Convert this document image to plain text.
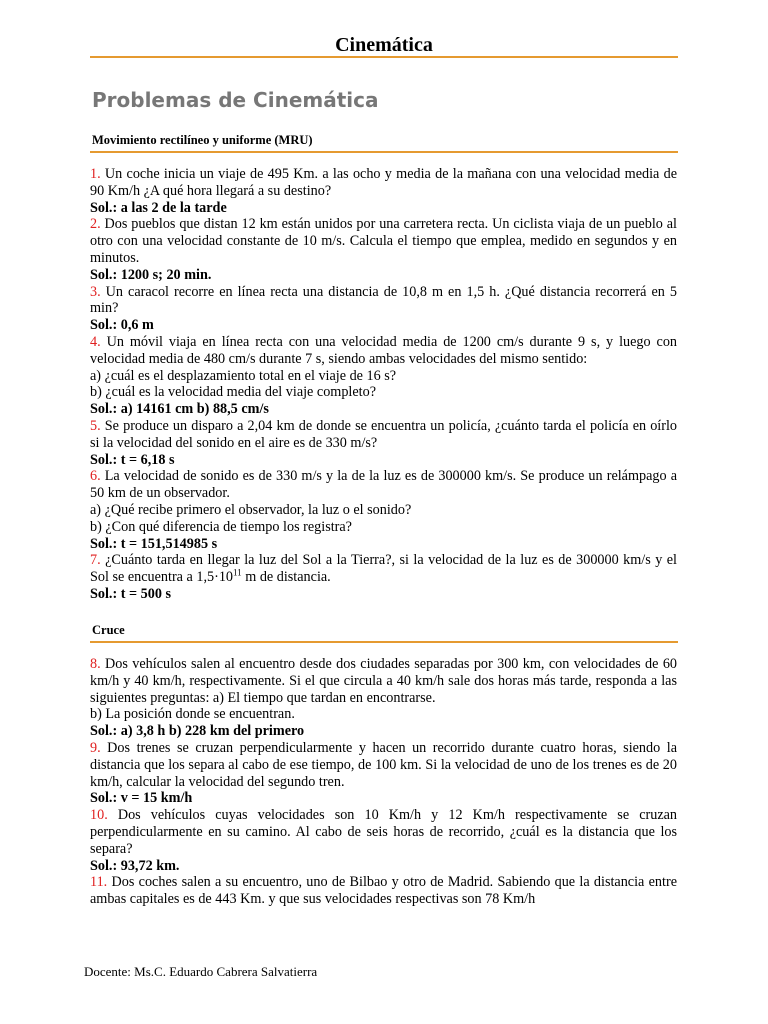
Cinemática
Problemas de Cinemática
Movimiento rectilíneo y uniforme (MRU)

1. Un coche inicia un viaje de 495 Km. a las ocho y media de la mañana con una velocidad media de 90 Km/h ¿A qué hora llegará a su destino?

Sol.: a las 2 de la tarde

2. Dos pueblos que distan 12 km están unidos por una carretera recta. Un ciclista viaja de un pueblo al otro con una velocidad constante de 10 m/s. Calcula el tiempo que emplea, medido en segundos y en minutos.

Sol.: 1200 s; 20 min.

3. Un caracol recorre en línea recta una distancia de 10,8 m en 1,5 h. ¿Qué distancia recorrerá en 5 min?

Sol.: 0,6 m

4. Un móvil viaja en línea recta con una velocidad media de 1200 cm/s durante 9 s, y luego con velocidad media de 480 cm/s durante 7 s, siendo ambas velocidades del mismo sentido:

a) ¿cuál es el desplazamiento total en el viaje de 16 s?

b) ¿cuál es la velocidad media del viaje completo?

Sol.: a) 14161 cm b) 88,5 cm/s

5. Se produce un disparo a 2,04 km de donde se encuentra un policía, ¿cuánto tarda el policía en oírlo si la velocidad del sonido en el aire es de 330 m/s?

Sol.: t = 6,18 s

6. La velocidad de sonido es de 330 m/s y la de la luz es de 300000 km/s. Se produce un relámpago a 50 km de un observador.

a) ¿Qué recibe primero el observador, la luz o el sonido?

b) ¿Con qué diferencia de tiempo los registra?

Sol.: t = 151,514985 s

7. ¿Cuánto tarda en llegar la luz del Sol a la Tierra?, si la velocidad de la luz es de 300000 km/s y el Sol se encuentra a $1,5\cdot 10^{11}$ m de distancia.

Sol.: t = 500 s

Cruce

8. Dos vehículos salen al encuentro desde dos ciudades separadas por 300 km, con velocidades de 60 km/h y 40 km/h, respectivamente. Si el que circula a 40 km/h sale dos horas más tarde, responda a las siguientes preguntas: a) El tiempo que tardan en encontrarse.

b) La posición donde se encuentran.

Sol.: a) 3,8 h b) 228 km del primero

9. Dos trenes se cruzan perpendicularmente y hacen un recorrido durante cuatro horas, siendo la distancia que los separa al cabo de ese tiempo, de 100 km. Si la velocidad de uno de los trenes es de 20 km/h, calcular la velocidad del segundo tren.

Sol.: v = 15 km/h

10. Dos vehículos cuyas velocidades son 10 Km/h y 12 Km/h respectivamente se cruzan perpendicularmente en su camino. Al cabo de seis horas de recorrido, ¿cuál es la distancia que los separa?

Sol.: 93,72 km.

11. Dos coches salen a su encuentro, uno de Bilbao y otro de Madrid. Sabiendo que la distancia entre ambas capitales es de 443 Km. y que sus velocidades respectivas son 78 Km/h

Docente: Ms.C. Eduardo Cabrera Salvatierra
